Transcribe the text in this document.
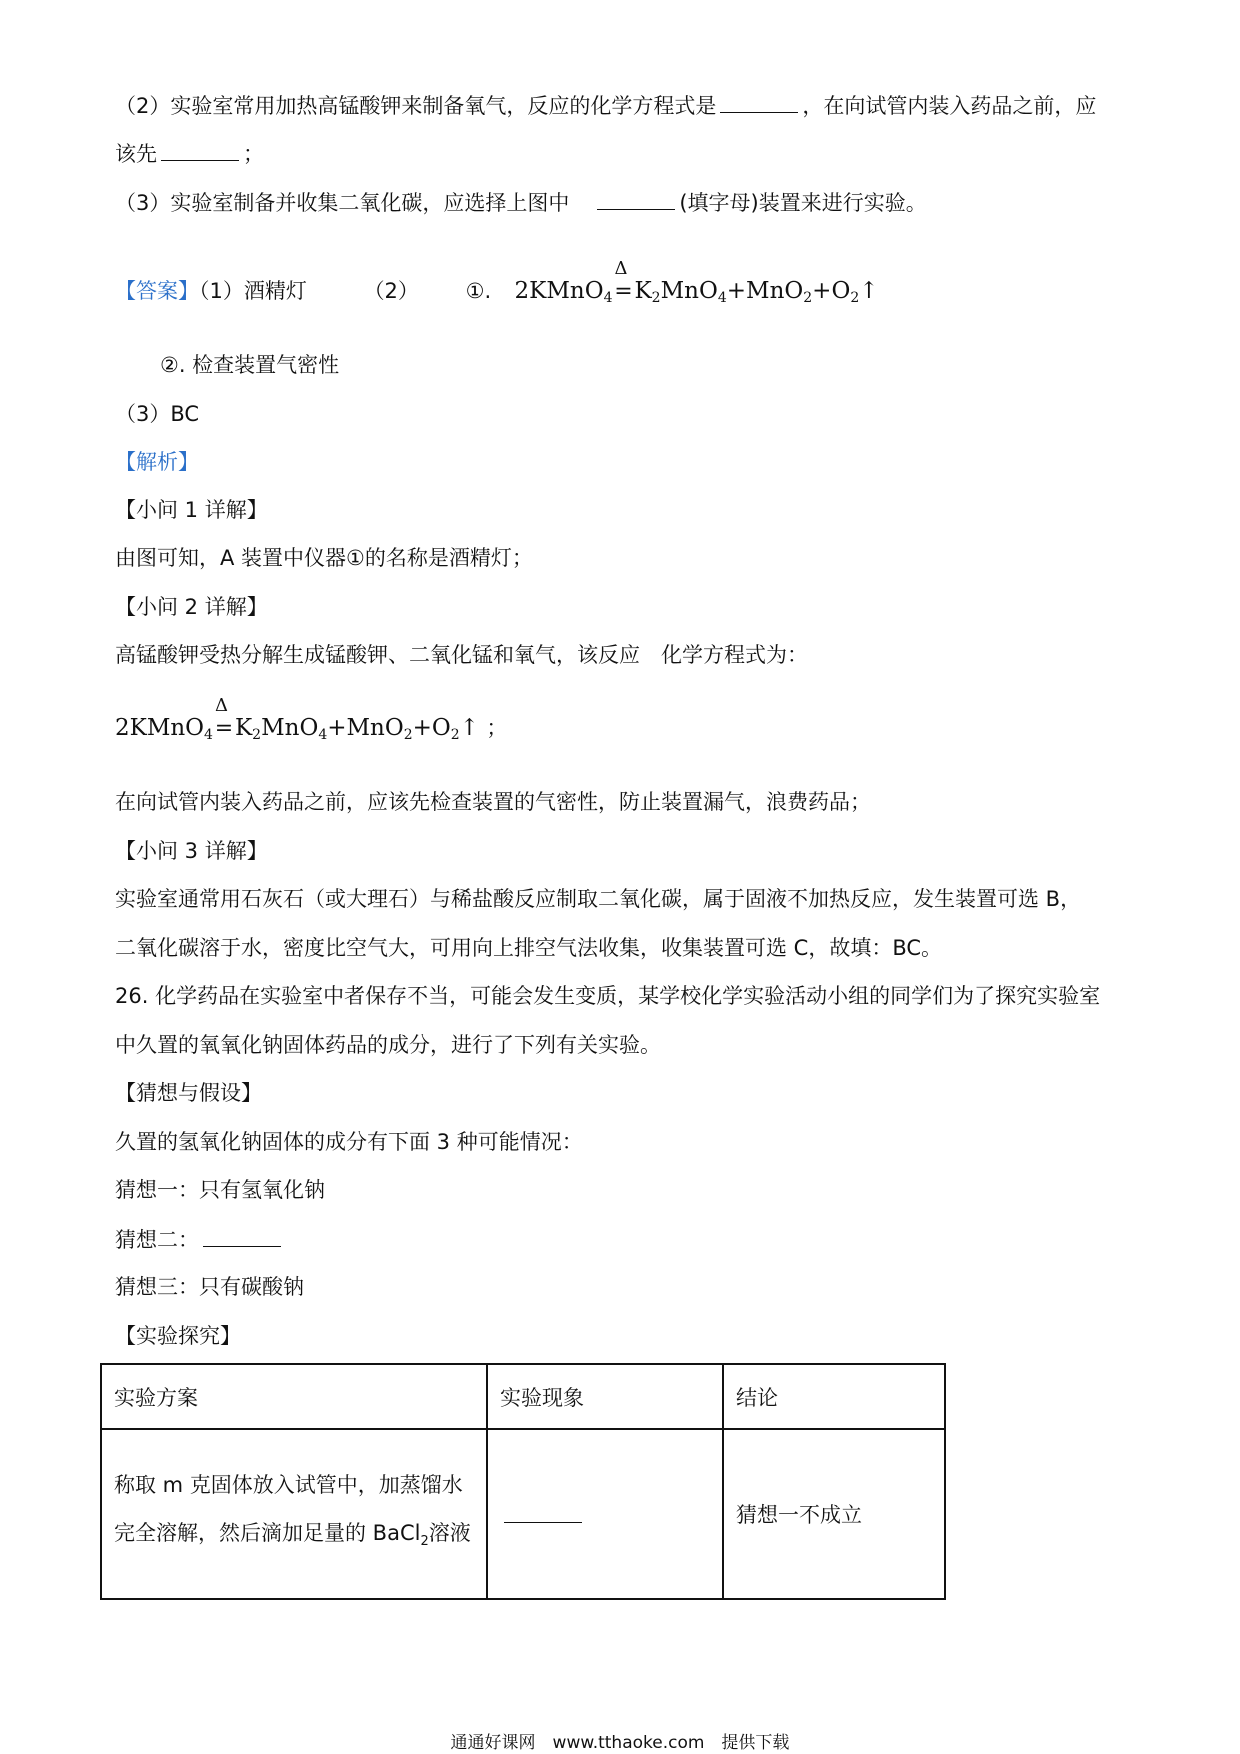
（2）实验室常用加热高锰酸钾来制备氧气，反应的化学方程式是	，在向试管内装入药品之前，应
该先	；
（3）实验室制备并收集二氧化碳，应选择上图中	(填字母)装置来进行实验。
【答案】（1）酒精灯	（2） ①. 2KMnO$_4$
Δ
$=K_2MnO_4+MnO_2+O_2↑$
②. 检查装置气密性
（3）BC
【解析】
【小问 1 详解】
由图可知，A 装置中仪器①的名称是酒精灯；
【小问 2 详解】
高锰酸钾受热分解生成锰酸钾、二氧化锰和氧气，该反应　化学方程式为：
2KMnO$_4$
Δ
$=K_2MnO_4+MnO_2+O_2↑$ ；
在向试管内装入药品之前，应该先检查装置的气密性，防止装置漏气，浪费药品；
【小问 3 详解】
实验室通常用石灰石（或大理石）与稀盐酸反应制取二氧化碳，属于固液不加热反应，发生装置可选 B，
二氧化碳溶于水，密度比空气大，可用向上排空气法收集，收集装置可选 C，故填：BC。
26. 化学药品在实验室中者保存不当，可能会发生变质，某学校化学实验活动小组的同学们为了探究实验室
中久置的氧氧化钠固体药品的成分，进行了下列有关实验。
【猜想与假设】
久置的氢氧化钠固体的成分有下面 3 种可能情况：
猜想一：只有氢氧化钠
猜想二：
猜想三：只有碳酸钠
【实验探究】
实验方案	实验现象	结论

称取 m 克固体放入试管中，加蒸馏水
完全溶解，然后滴加足量的 BaCl$_2$溶液		猜想一不成立
通通好课网　www.tthaoke.com　提供下载
